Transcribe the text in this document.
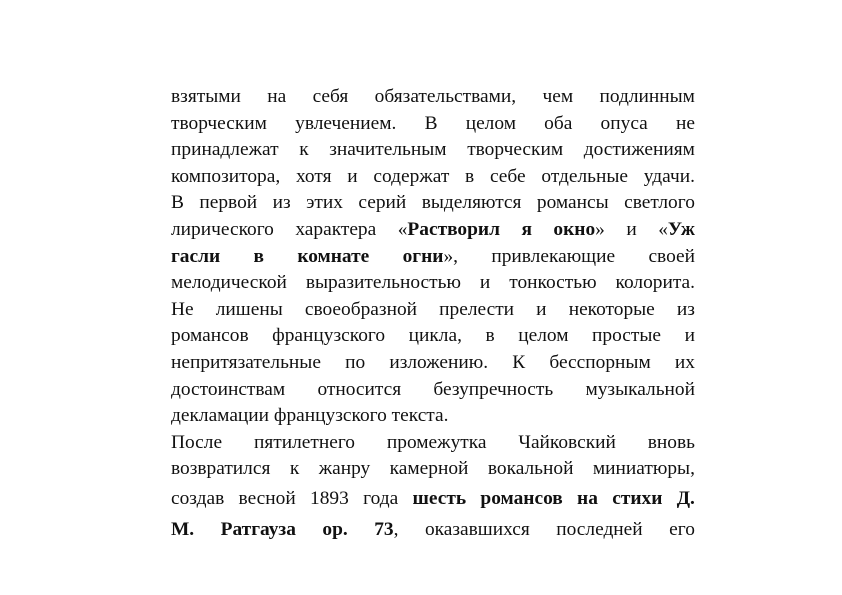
взятыми на себя обязательствами, чем подлинным
творческим увлечением. В целом оба опуса не
принадлежат к значительным творческим достижениям
композитора, хотя и содержат в себе отдельные удачи.
В первой из этих серий выделяются романсы светлого
лирического характера «Растворил я окно» и «Уж
гасли в комнате огни», привлекающие своей
мелодической выразительностью и тонкостью колорита.
Не лишены своеобразной прелести и некоторые из
романсов французского цикла, в целом простые и
непритязательные по изложению. К бесспорным их
достоинствам относится безупречность музыкальной
декламации французского текста.
После пятилетнего промежутка Чайковский вновь
возвратился к жанру камерной вокальной миниатюры,
создав весной 1893 года шесть романсов на стихи Д.
М. Ратгауза ор. 73, оказавшихся последней его
